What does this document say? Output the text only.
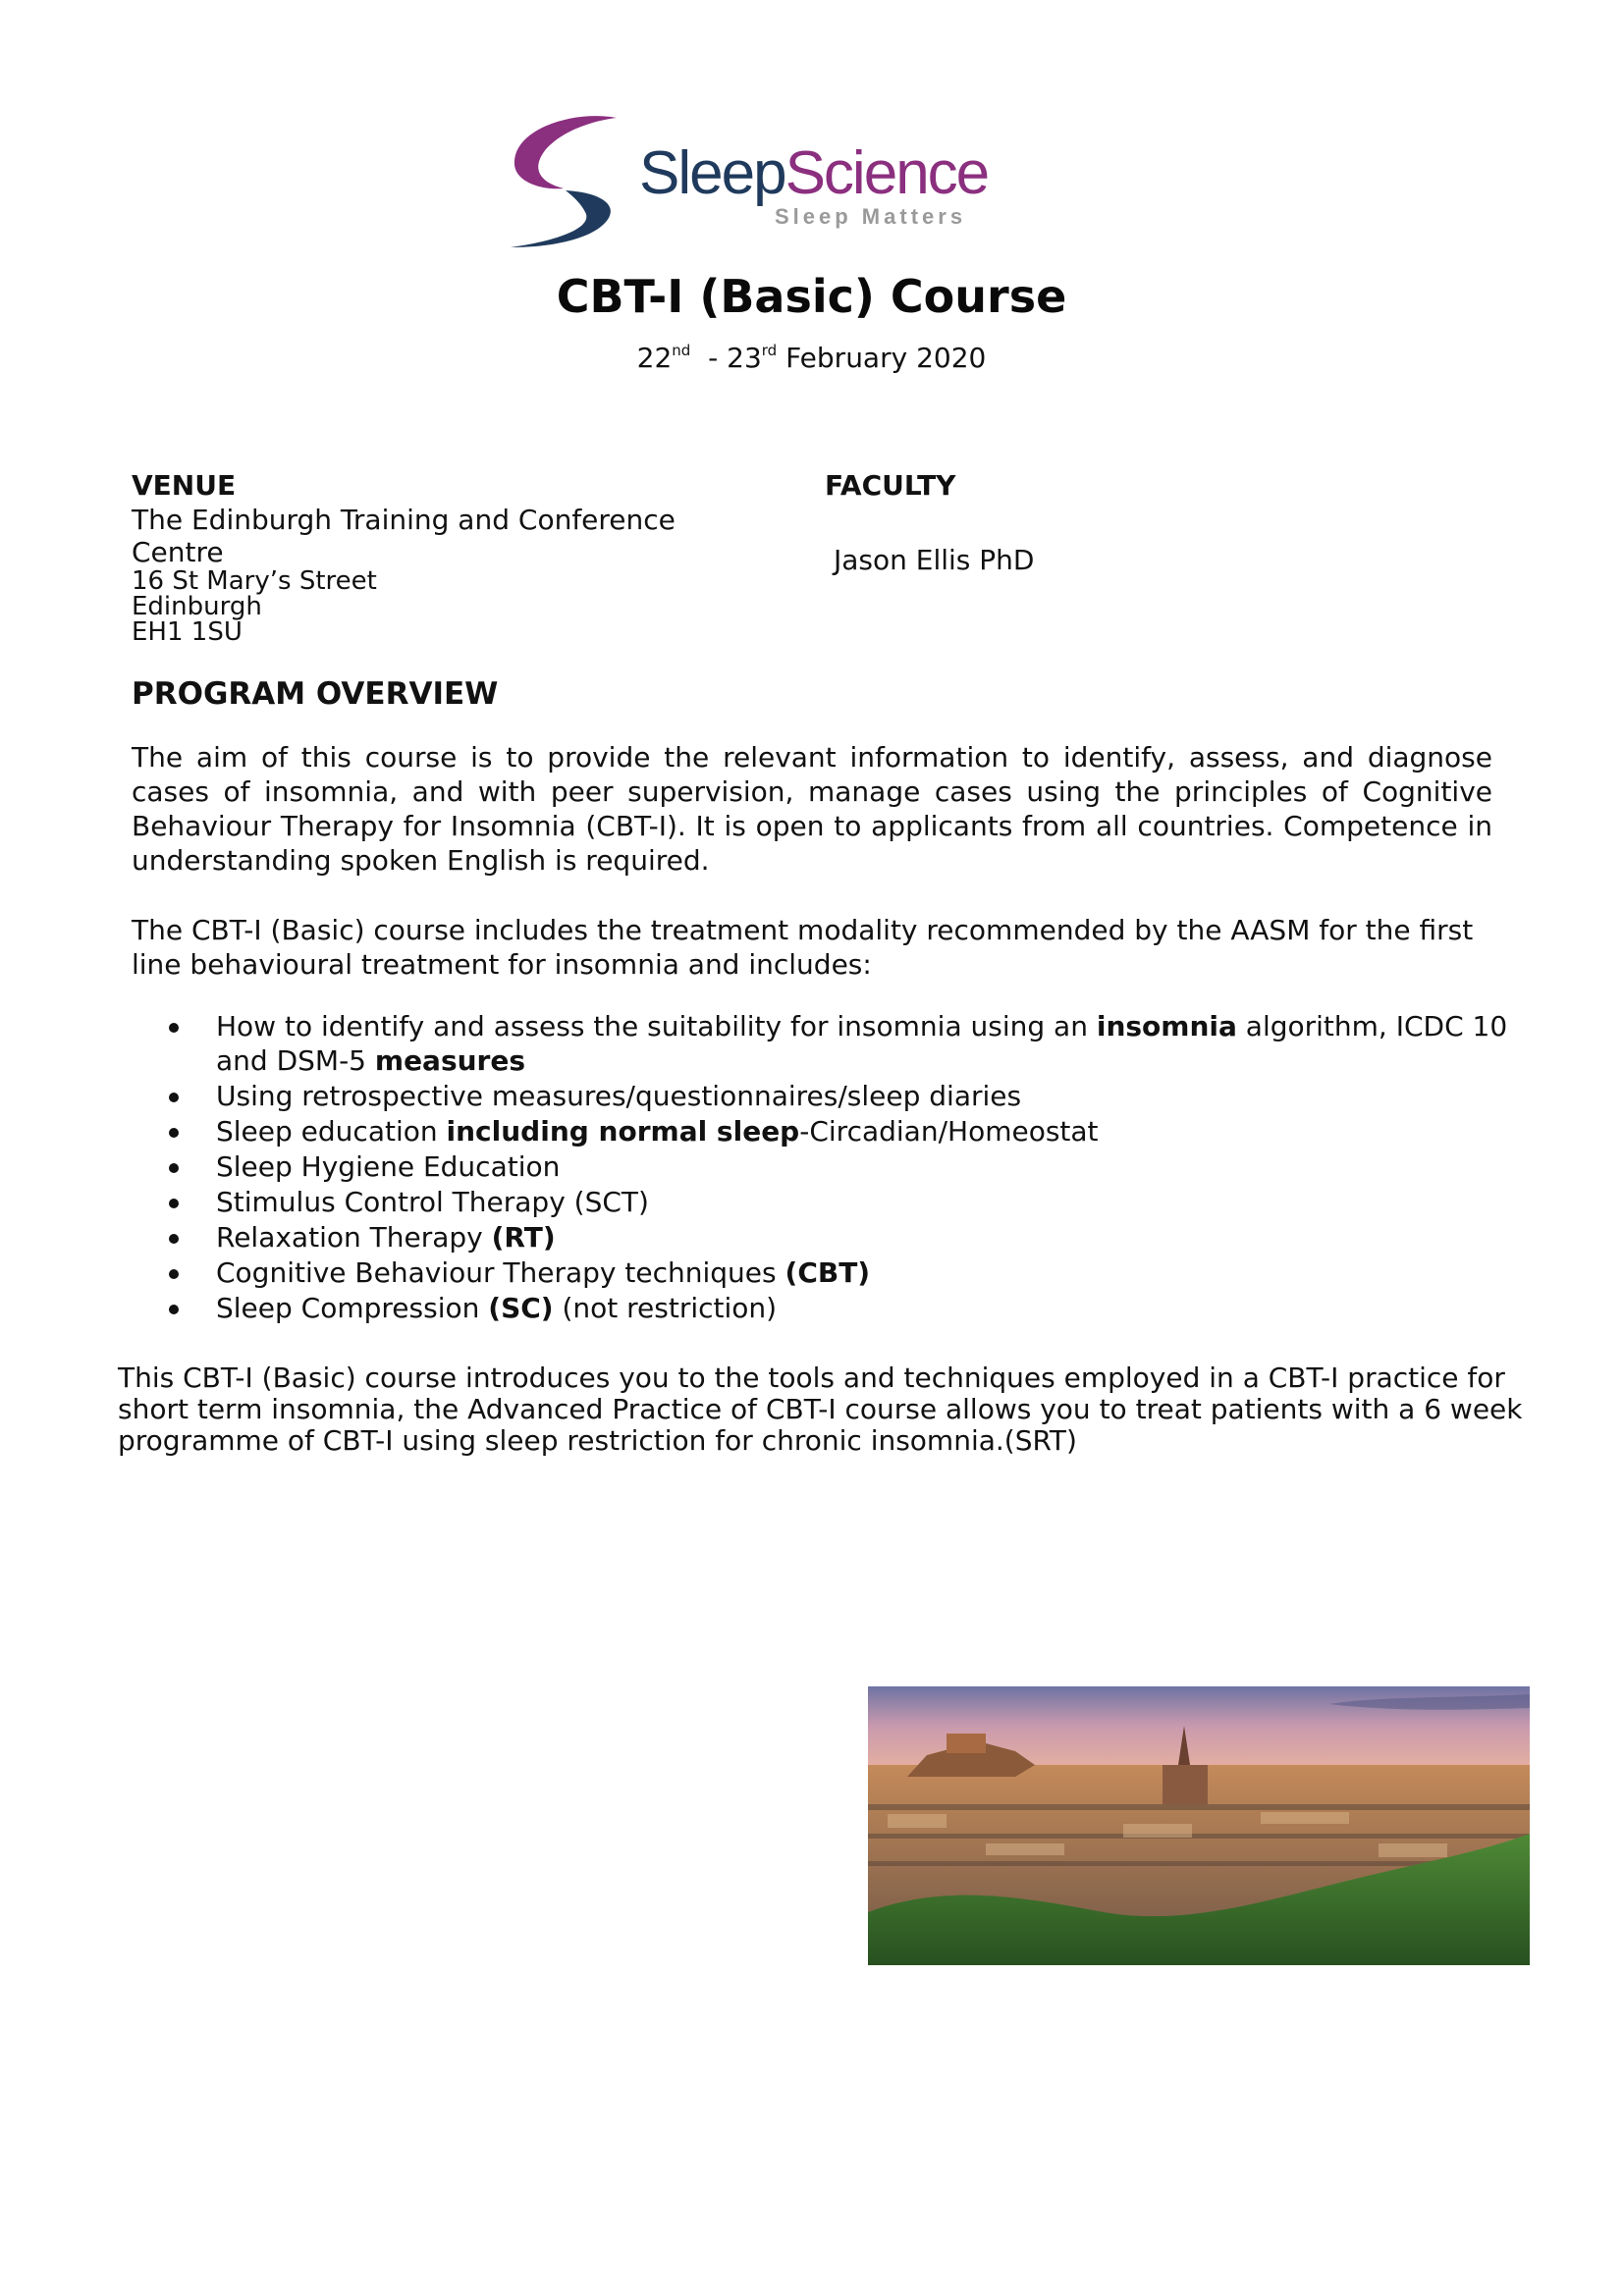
SleepScience
Sleep Matters
CBT-I (Basic) Course
22nd  - 23rd February 2020
VENUE
The Edinburgh Training and Conference Centre
16 St Mary’s Street
Edinburgh
EH1 1SU
FACULTY
Jason Ellis PhD
PROGRAM OVERVIEW
The aim of this course is to provide the relevant information to identify, assess, and diagnose cases of insomnia, and with peer supervision, manage cases using the principles of Cognitive Behaviour Therapy for Insomnia (CBT-I). It is open to applicants from all countries. Competence in understanding spoken English is required.
The CBT-I (Basic) course includes the treatment modality recommended by the AASM for the first line behavioural treatment for insomnia and includes:
How to identify and assess the suitability for insomnia using an insomnia algorithm, ICDC 10 and DSM-5 measures
Using retrospective measures/questionnaires/sleep diaries
Sleep education including normal sleep-Circadian/Homeostat
Sleep Hygiene Education
Stimulus Control Therapy (SCT)
Relaxation Therapy (RT)
Cognitive Behaviour Therapy techniques (CBT)
Sleep Compression (SC) (not restriction)
This CBT-I (Basic) course introduces you to the tools and techniques employed in a CBT-I practice for
short term insomnia, the Advanced Practice of CBT-I course allows you to treat patients with a 6 week
programme of CBT-I using sleep restriction for chronic insomnia.(SRT)
